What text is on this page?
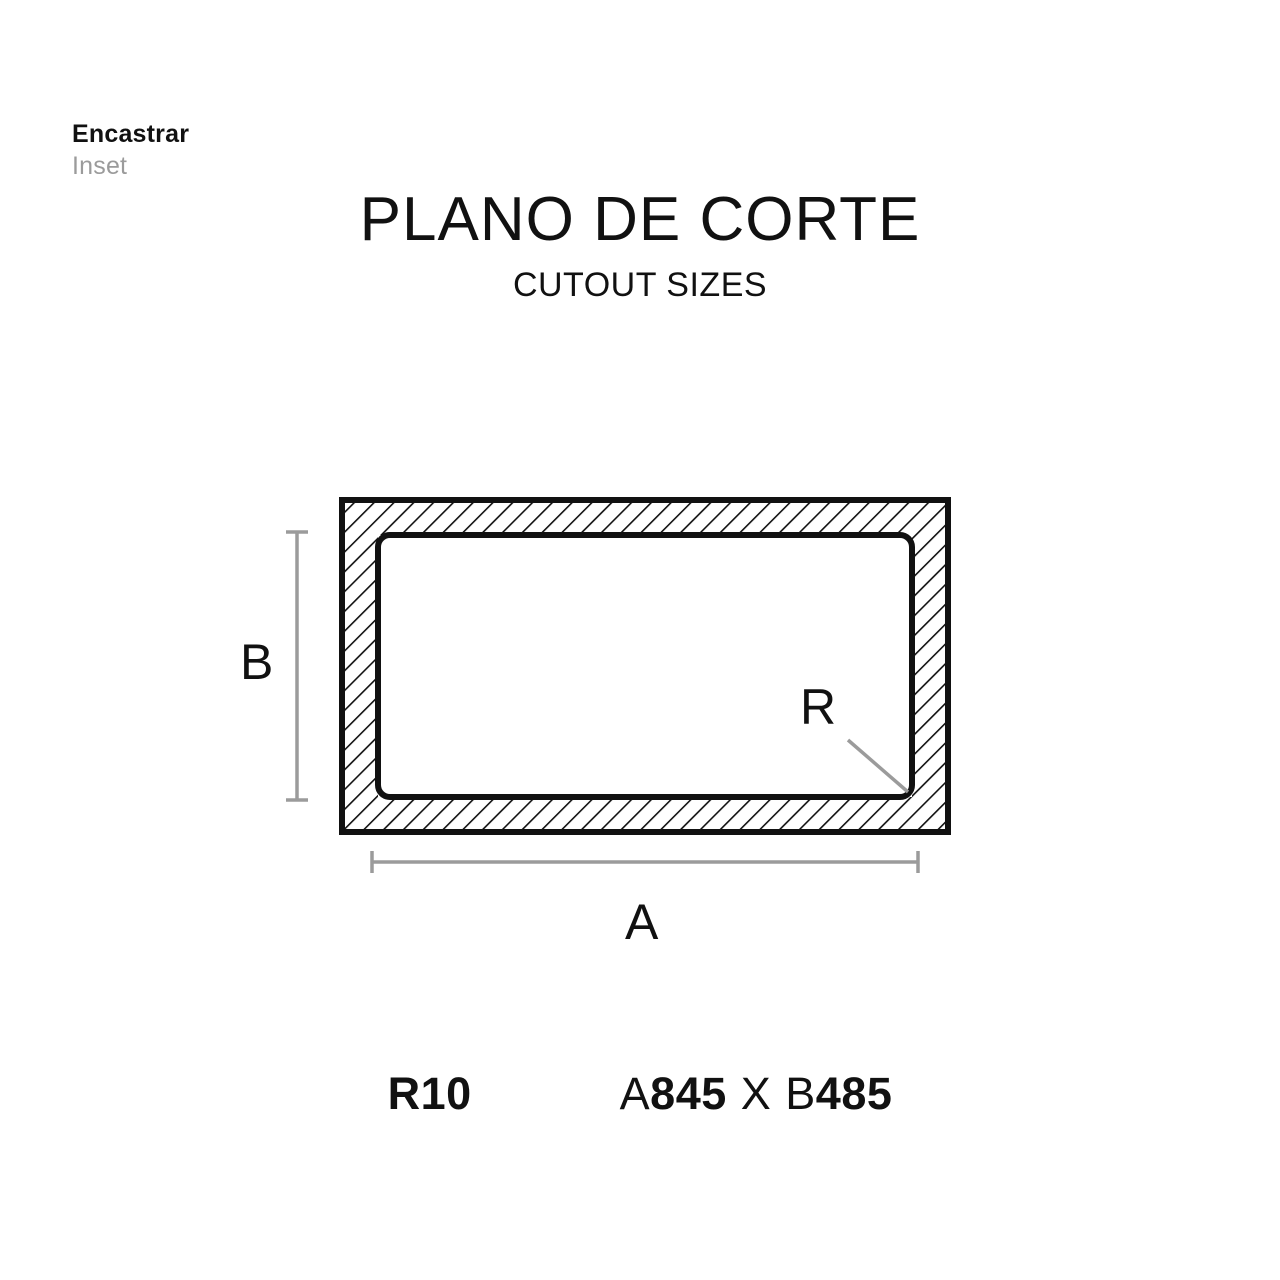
Encastrar
Inset
PLANO DE CORTE
CUTOUT SIZES
B
A
R
R10	A845 X B485
